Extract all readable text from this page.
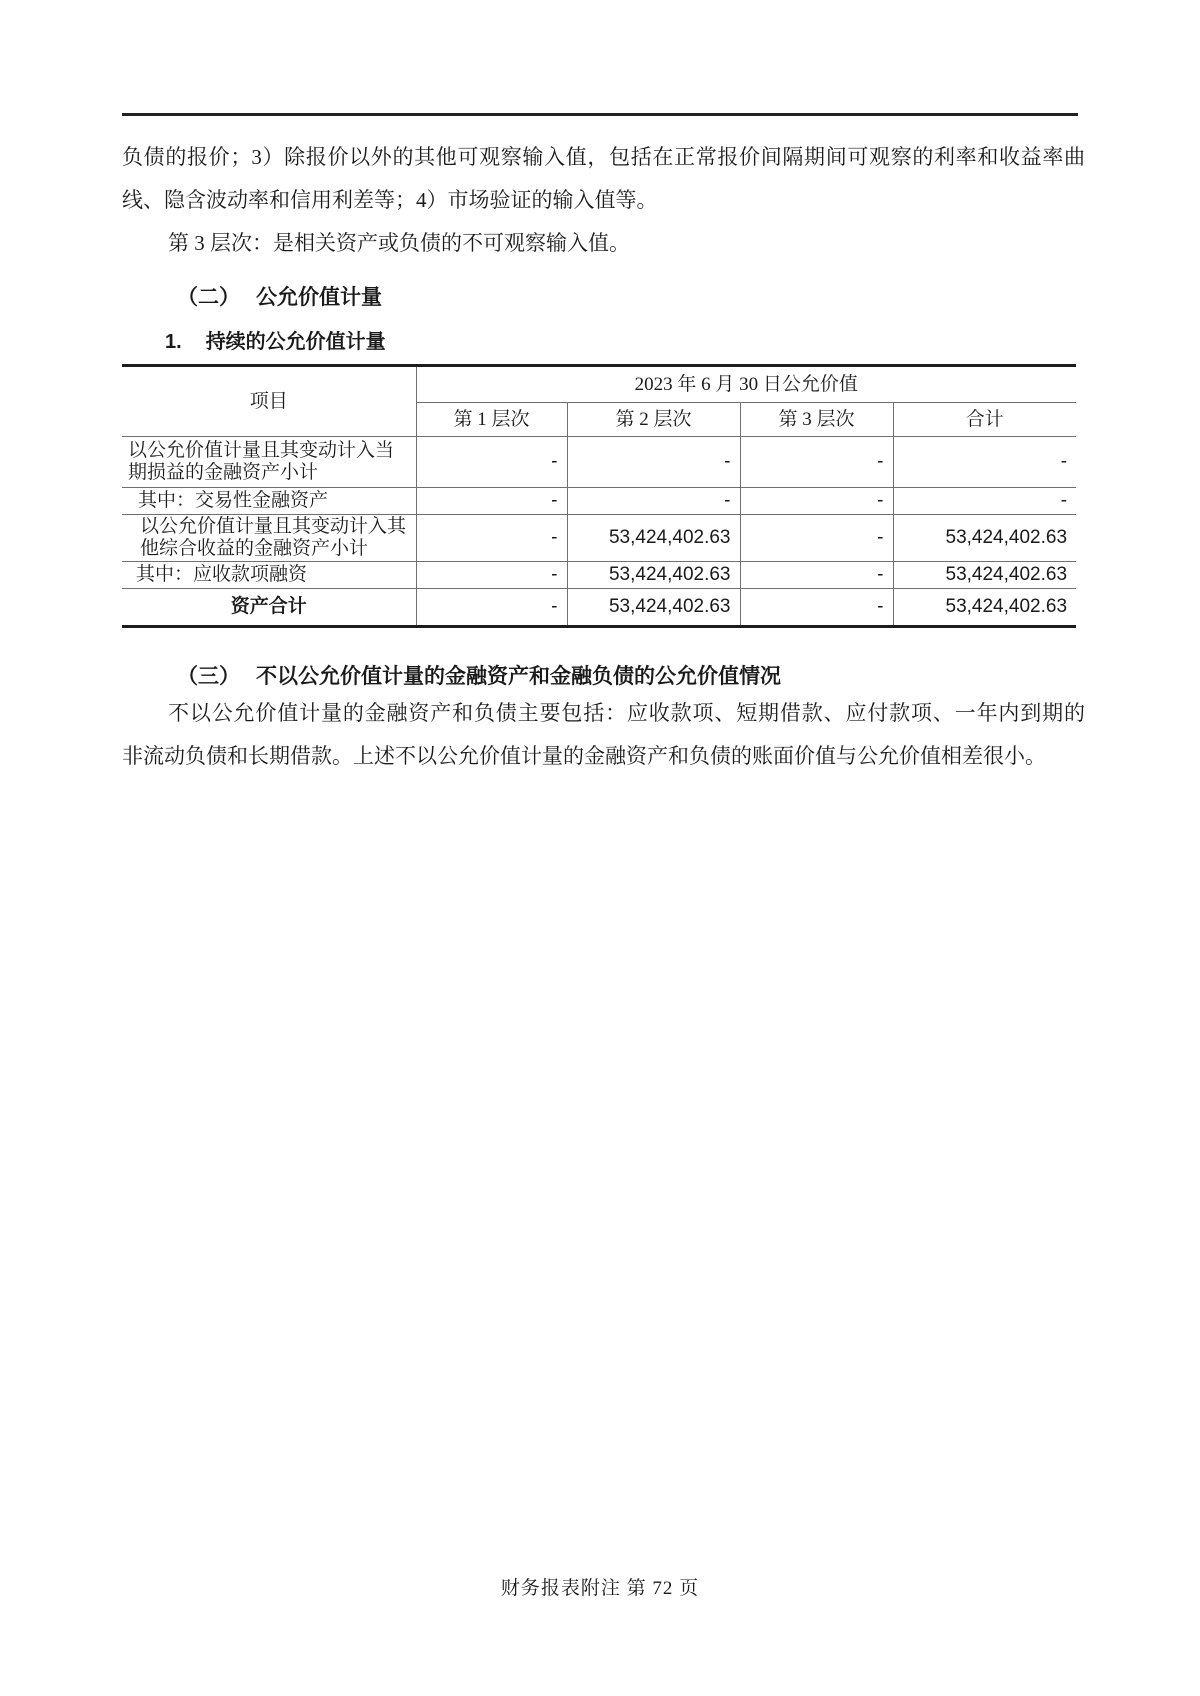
负债的报价；3）除报价以外的其他可观察输入值，包括在正常报价间隔期间可观察的利率和收益率曲
线、隐含波动率和信用利差等；4）市场验证的输入值等。
第 3 层次：是相关资产或负债的不可观察输入值。
（二） 公允价值计量
1. 持续的公允价值计量
项目	2023 年 6 月 30 日公允价值			
	第 1 层次	第 2 层次	第 3 层次	合计
以公允价值计量且其变动计入当期损益的金融资产小计	-	-	-	-
其中：交易性金融资产	-	-	-	-
以公允价值计量且其变动计入其他综合收益的金融资产小计	-	53,424,402.63	-	53,424,402.63
其中：应收款项融资	-	53,424,402.63	-	53,424,402.63
资产合计	-	53,424,402.63	-	53,424,402.63
（三） 不以公允价值计量的金融资产和金融负债的公允价值情况
不以公允价值计量的金融资产和负债主要包括：应收款项、短期借款、应付款项、一年内到期的
非流动负债和长期借款。上述不以公允价值计量的金融资产和负债的账面价值与公允价值相差很小。
财务报表附注 第 72 页
